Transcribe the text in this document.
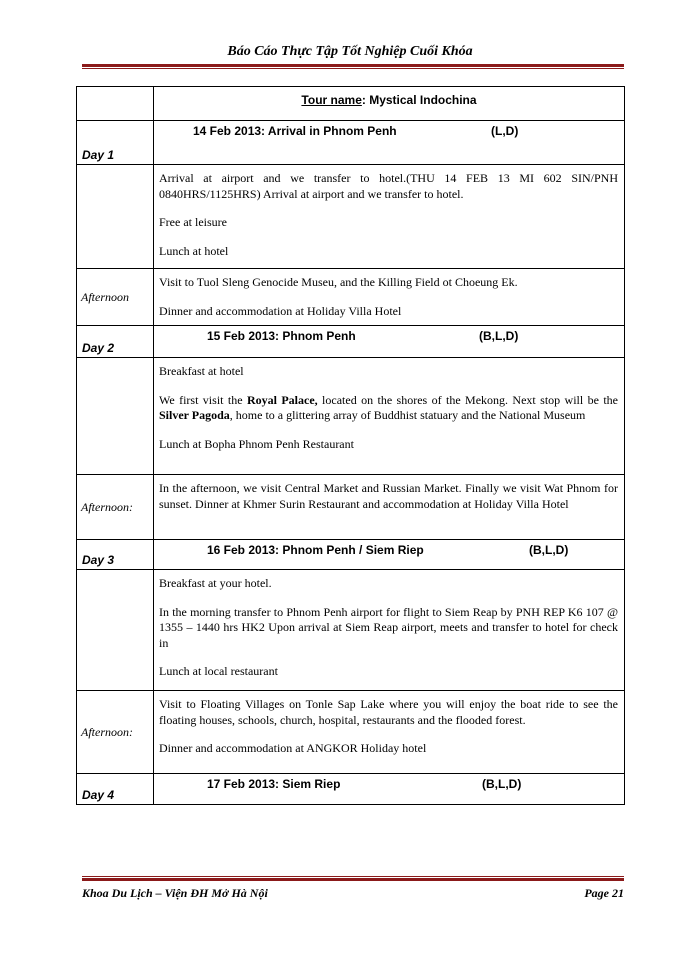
Báo Cáo Thực Tập Tốt Nghiệp Cuối Khóa
	Tour name: Mystical Indochina
Day 1	14 Feb 2013: Arrival in Phnom Penh (L,D)

	Arrival at airport and we transfer to hotel.(THU 14 FEB 13 MI 602 SIN/PNH 0840HRS/1125HRS) Arrival at airport and we transfer to hotel.

Free at leisure

Lunch at hotel

Afternoon	Visit to Tuol Sleng Genocide Museu, and the Killing Field ot Choeung Ek.

Dinner and accommodation at Holiday Villa Hotel

Day 2	15 Feb 2013: Phnom Penh (B,L,D)

	Breakfast at hotel

We first visit the Royal Palace, located on the shores of the Mekong. Next stop will be the Silver Pagoda, home to a glittering array of Buddhist statuary and the National Museum

Lunch at Bopha Phnom Penh Restaurant

Afternoon:	In the afternoon, we visit Central Market and Russian Market. Finally we visit Wat Phnom for sunset. Dinner at Khmer Surin Restaurant and accommodation at Holiday Villa Hotel

Day 3	16 Feb 2013: Phnom Penh / Siem Riep (B,L,D)

	Breakfast at your hotel.

In the morning transfer to Phnom Penh airport for flight to Siem Reap by PNH REP K6 107 @ 1355 – 1440 hrs HK2 Upon arrival at Siem Reap airport, meets and transfer to hotel for check in

Lunch at local restaurant

Afternoon:	Visit to Floating Villages on Tonle Sap Lake where you will enjoy the boat ride to see the floating houses, schools, church, hospital, restaurants and the flooded forest.

Dinner and accommodation at ANGKOR Holiday hotel

Day 4	17 Feb 2013: Siem Riep (B,L,D)
Khoa Du Lịch – Viện ĐH Mở Hà Nội	Page 21
